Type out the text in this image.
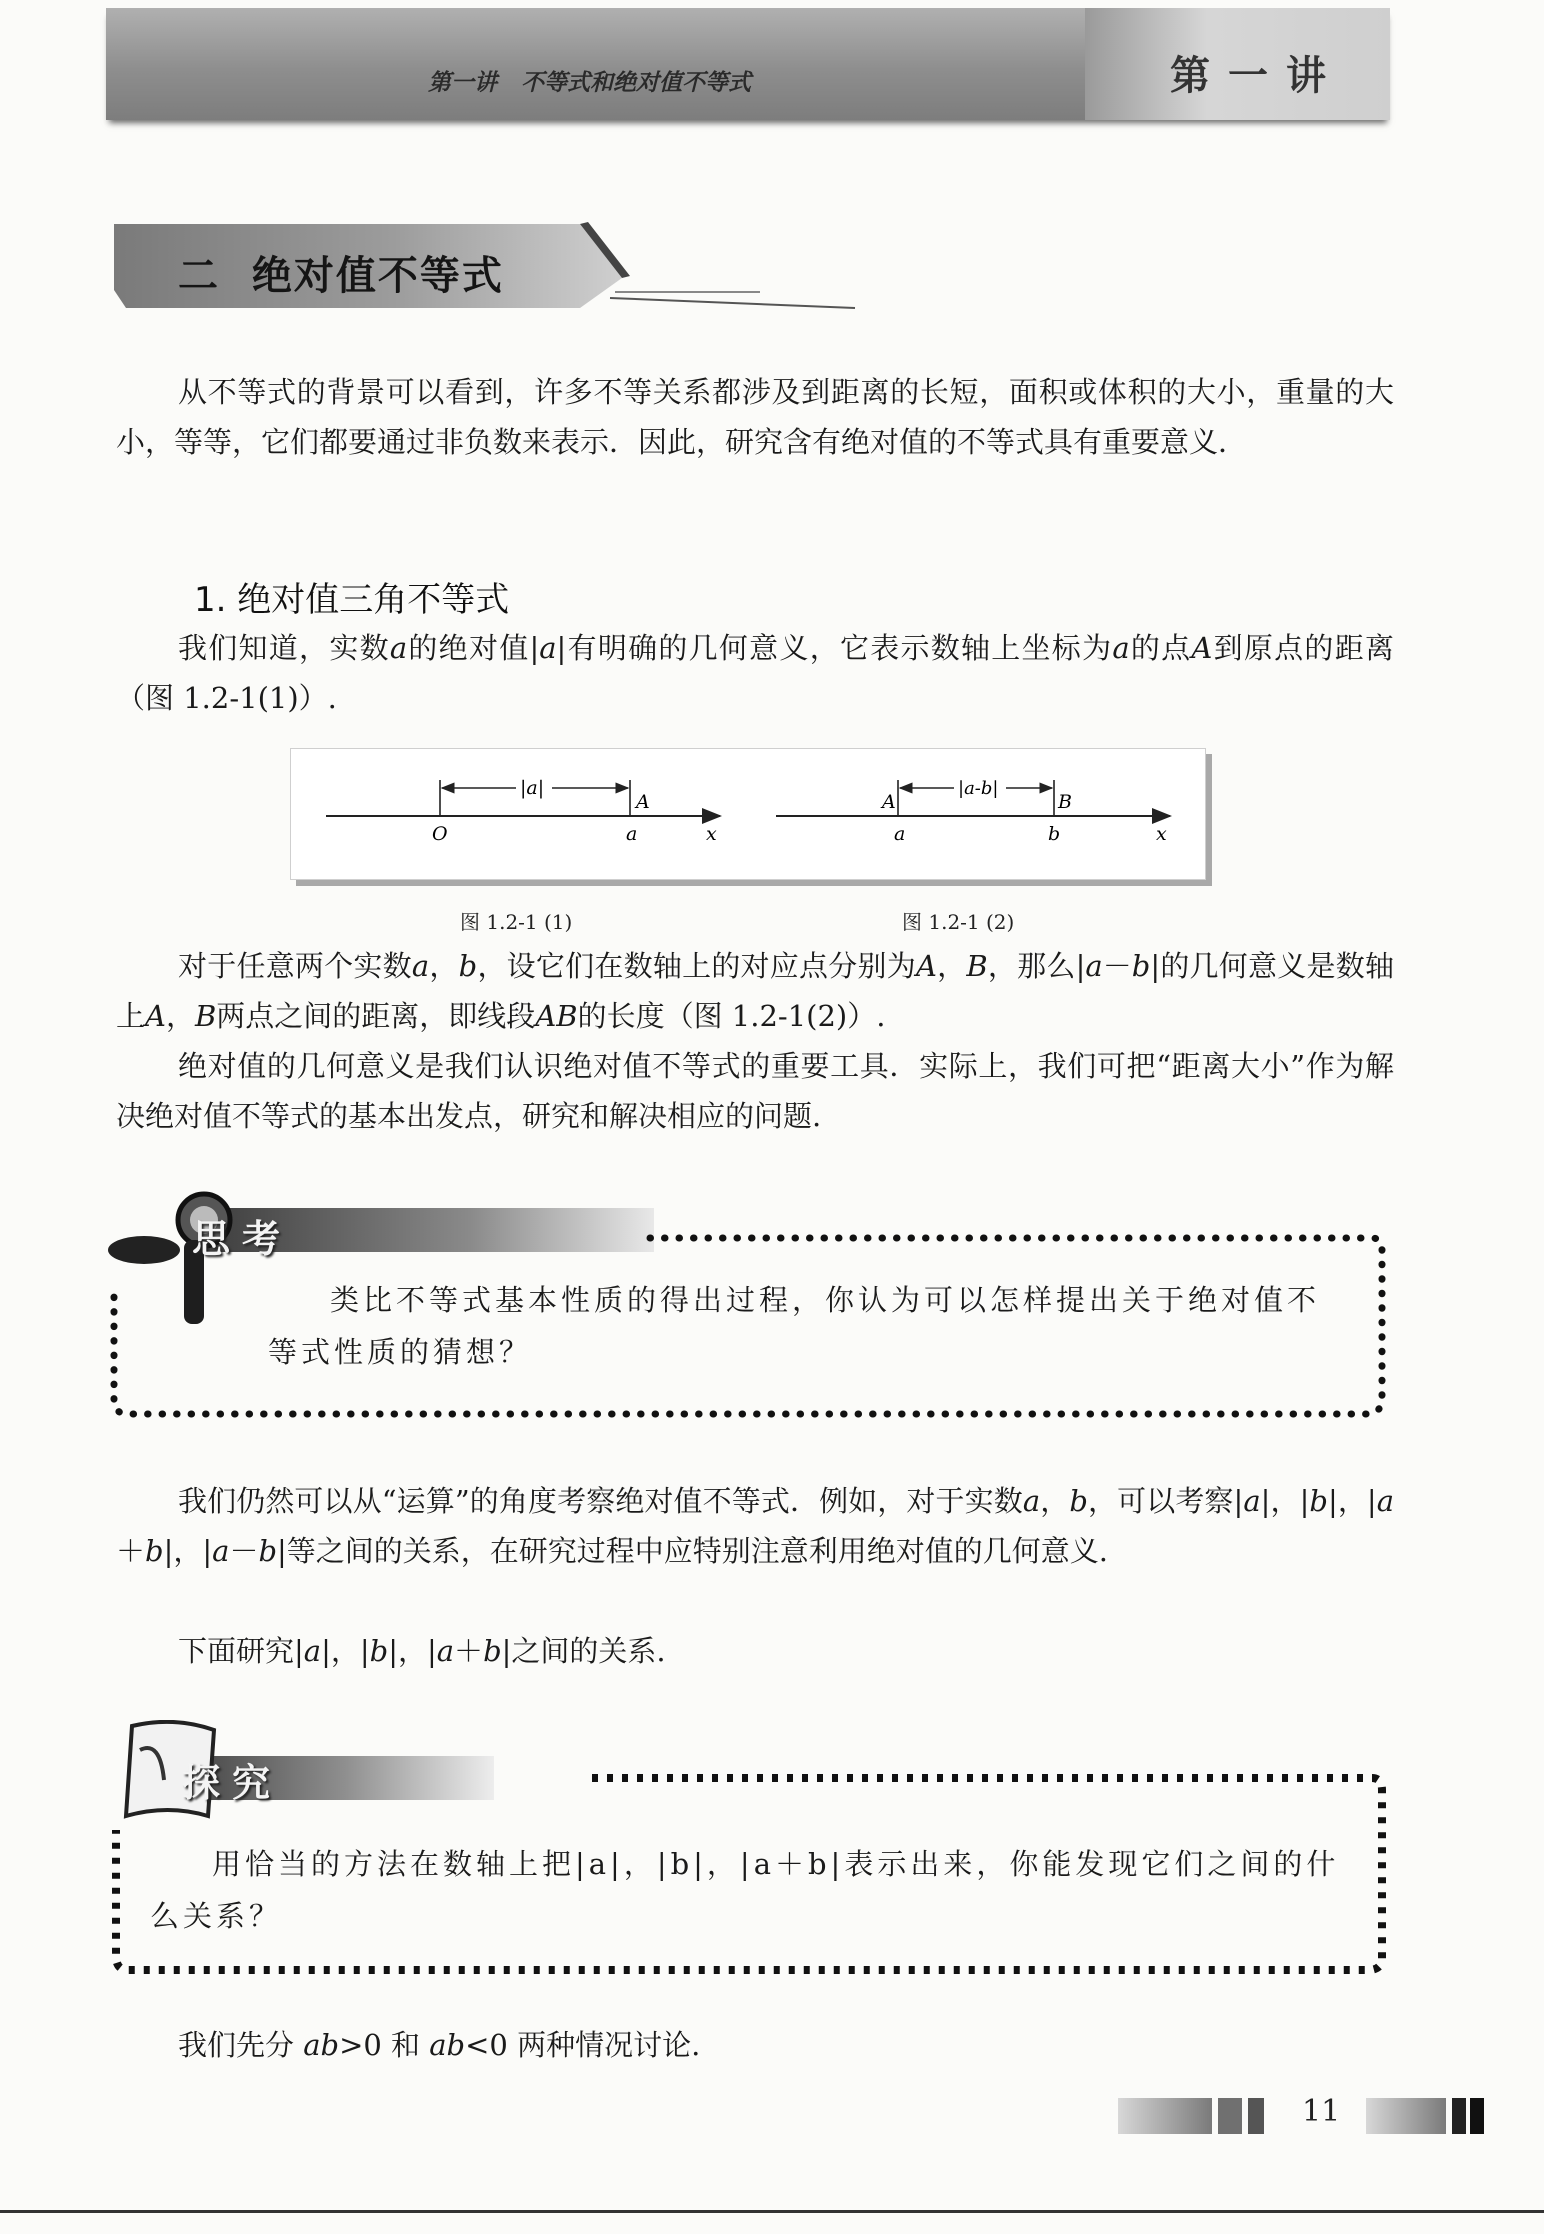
第一讲   不等式和绝对值不等式	第一讲
二  绝对值不等式
从不等式的背景可以看到，许多不等关系都涉及到距离的长短，面积或体积的大小，重量的大小，等等，它们都要通过非负数来表示．因此，研究含有绝对值的不等式具有重要意义．
1. 绝对值三角不等式
我们知道，实数a的绝对值|a|有明确的几何意义，它表示数轴上坐标为a的点A到原点的距离（图 1.2-1(1)）.
|a|
A
O	a	x
|a-b|
A	B
a	b	x
图 1.2-1 (1)	图 1.2-1 (2)
对于任意两个实数a，b，设它们在数轴上的对应点分别为A，B，那么|a－b|的几何意义是数轴上A，B两点之间的距离，即线段AB的长度（图 1.2-1(2)）.
绝对值的几何意义是我们认识绝对值不等式的重要工具．实际上，我们可把“距离大小”作为解决绝对值不等式的基本出发点，研究和解决相应的问题.
思考
类比不等式基本性质的得出过程，你认为可以怎样提出关于绝对值不等式性质的猜想？
我们仍然可以从“运算”的角度考察绝对值不等式．例如，对于实数a，b，可以考察|a|，|b|，|a＋b|，|a－b|等之间的关系，在研究过程中应特别注意利用绝对值的几何意义.
下面研究|a|，|b|，|a＋b|之间的关系.
探究
用恰当的方法在数轴上把|a|，|b|，|a＋b|表示出来，你能发现它们之间的什么关系？
我们先分 ab>0 和 ab<0 两种情况讨论.
11
